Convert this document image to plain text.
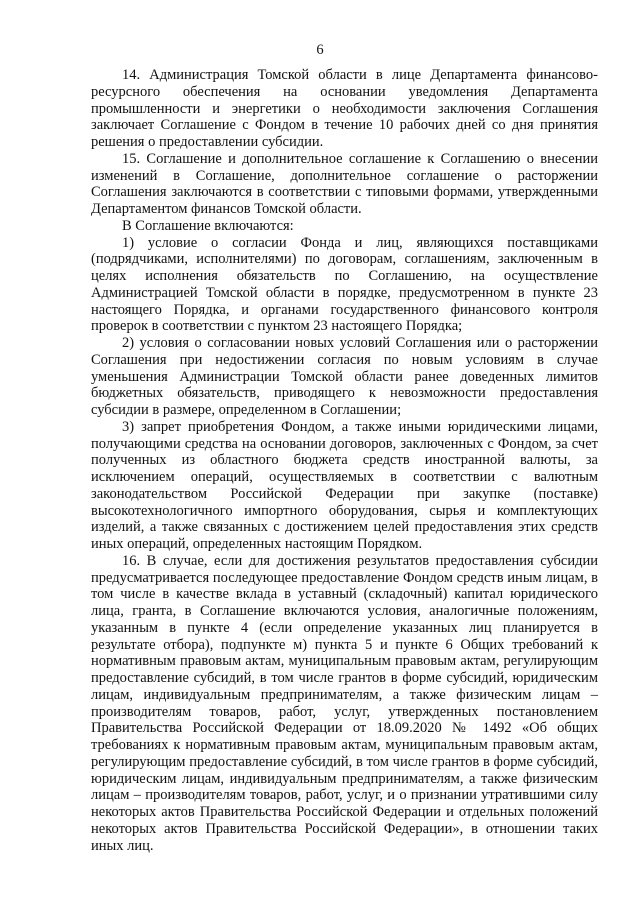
6

14. Администрация Томской области в лице Департамента финансово-ресурсного обеспечения на основании уведомления Департамента промышленности и энергетики о необходимости заключения Соглашения заключает Соглашение с Фондом в течение 10 рабочих дней со дня принятия решения о предоставлении субсидии.

15. Соглашение и дополнительное соглашение к Соглашению о внесении изменений в Соглашение, дополнительное соглашение о расторжении Соглашения заключаются в соответствии с типовыми формами, утвержденными Департаментом финансов Томской области.

В Соглашение включаются:

1) условие о согласии Фонда и лиц, являющихся поставщиками (подрядчиками, исполнителями) по договорам, соглашениям, заключенным в целях исполнения обязательств по Соглашению, на осуществление Администрацией Томской области в порядке, предусмотренном в пункте 23 настоящего Порядка, и органами государственного финансового контроля проверок в соответствии с пунктом 23 настоящего Порядка;

2) условия о согласовании новых условий Соглашения или о расторжении Соглашения при недостижении согласия по новым условиям в случае уменьшения Администрации Томской области ранее доведенных лимитов бюджетных обязательств, приводящего к невозможности предоставления субсидии в размере, определенном в Соглашении;

3) запрет приобретения Фондом, а также иными юридическими лицами, получающими средства на основании договоров, заключенных с Фондом, за счет полученных из областного бюджета средств иностранной валюты, за исключением операций, осуществляемых в соответствии с валютным законодательством Российской Федерации при закупке (поставке) высокотехнологичного импортного оборудования, сырья и комплектующих изделий, а также связанных с достижением целей предоставления этих средств иных операций, определенных настоящим Порядком.

16. В случае, если для достижения результатов предоставления субсидии предусматривается последующее предоставление Фондом средств иным лицам, в том числе в качестве вклада в уставный (складочный) капитал юридического лица, гранта, в Соглашение включаются условия, аналогичные положениям, указанным в пункте 4 (если определение указанных лиц планируется в результате отбора), подпункте м) пункта 5 и пункте 6 Общих требований к нормативным правовым актам, муниципальным правовым актам, регулирующим предоставление субсидий, в том числе грантов в форме субсидий, юридическим лицам, индивидуальным предпринимателям, а также физическим лицам – производителям товаров, работ, услуг, утвержденных постановлением Правительства Российской Федерации от 18.09.2020 № 1492 «Об общих требованиях к нормативным правовым актам, муниципальным правовым актам, регулирующим предоставление субсидий, в том числе грантов в форме субсидий, юридическим лицам, индивидуальным предпринимателям, а также физическим лицам – производителям товаров, работ, услуг, и о признании утратившими силу некоторых актов Правительства Российской Федерации и отдельных положений некоторых актов Правительства Российской Федерации», в отношении таких иных лиц.
